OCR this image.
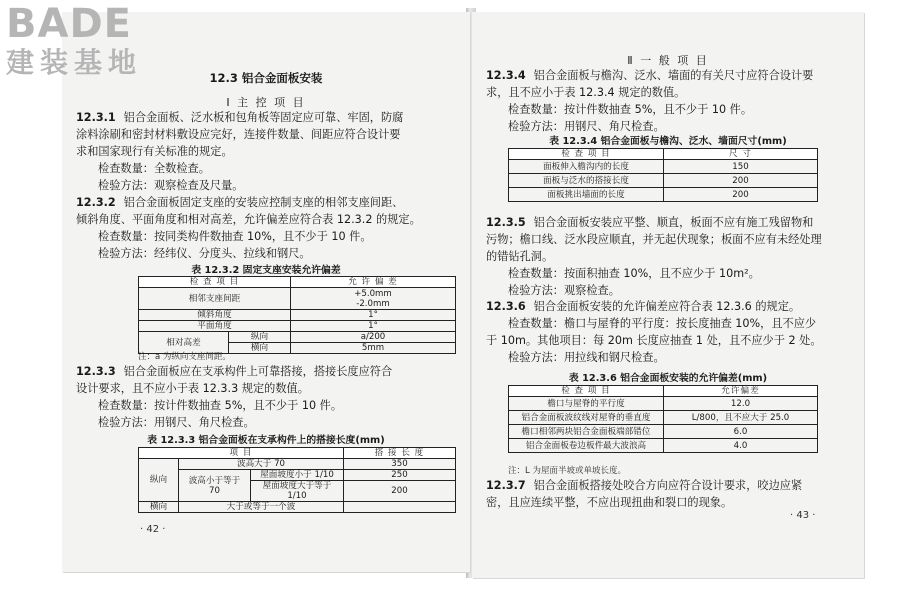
12.3 铝合金面板安装
Ⅰ 主 控 项 目
12.3.1 铝合金面板、泛水板和包角板等固定应可靠、牢固，防腐
涂料涂刷和密封材料敷设应完好，连接件数量、间距应符合设计要
求和国家现行有关标准的规定。
检查数量：全数检查。
检验方法：观察检查及尺量。
12.3.2 铝合金面板固定支座的安装应控制支座的相邻支座间距、
倾斜角度、平面角度和相对高差，允许偏差应符合表 12.3.2 的规定。
检查数量：按同类构件数抽查 10%，且不少于 10 件。
检验方法：经纬仪、分度头、拉线和钢尺。
表 12.3.2 固定支座安装允许偏差
检 查 项 目		允 许 偏 差
相邻支座间距		+5.0mm
-2.0mm

倾斜角度		1°
平面角度		1°
相对高差	纵向	a/200
	横向	5mm
注：a 为纵向支座间距。
12.3.3 铝合金面板应在支承构件上可靠搭接，搭接长度应符合
设计要求，且不应小于表 12.3.3 规定的数值。
检查数量：按计件数抽查 5%，且不少于 10 件。
检验方法：用钢尺、角尺检查。
表 12.3.3 铝合金面板在支承构件上的搭接长度(mm)
项 目			搭 接 长 度
纵向	波高大于 70		350
	波高小于等于 70	屋面坡度小于 1/10	250
		屋面坡度大于等于 1/10	200
横向	大于或等于一个波		
· 42 ·
Ⅱ 一 般 项 目
12.3.4 铝合金面板与檐沟、泛水、墙面的有关尺寸应符合设计要
求，且不应小于表 12.3.4 规定的数值。
检查数量：按计件数抽查 5%，且不少于 10 件。
检验方法：用钢尺、角尺检查。
表 12.3.4 铝合金面板与檐沟、泛水、墙面尺寸(mm)
检 查 项 目	尺 寸
面板伸入檐沟内的长度	150
面板与泛水的搭接长度	200
面板挑出墙面的长度	200
12.3.5 铝合金面板安装应平整、顺直，板面不应有施工残留物和
污物；檐口线、泛水段应顺直，并无起伏现象；板面不应有未经处理
的错钻孔洞。
检查数量：按面积抽查 10%，且不应少于 10m²。
检验方法：观察检查。
12.3.6 铝合金面板安装的允许偏差应符合表 12.3.6 的规定。
检查数量：檐口与屋脊的平行度：按长度抽查 10%，且不应少
于 10m。其他项目：每 20m 长度应抽查 1 处，且不应少于 2 处。
检验方法：用拉线和钢尺检查。
表 12.3.6 铝合金面板安装的允许偏差(mm)
检 查 项 目	允许偏差
檐口与屋脊的平行度	12.0
铝合金面板波纹线对屋脊的垂直度	L/800，且不应大于 25.0
檐口相邻两块铝合金面板端部错位	6.0
铝合金面板卷边板件最大波浪高	4.0
注：L 为屋面半坡或单坡长度。
12.3.7 铝合金面板搭接处咬合方向应符合设计要求，咬边应紧
密，且应连续平整，不应出现扭曲和裂口的现象。
· 43 ·
BADE
建装基地
